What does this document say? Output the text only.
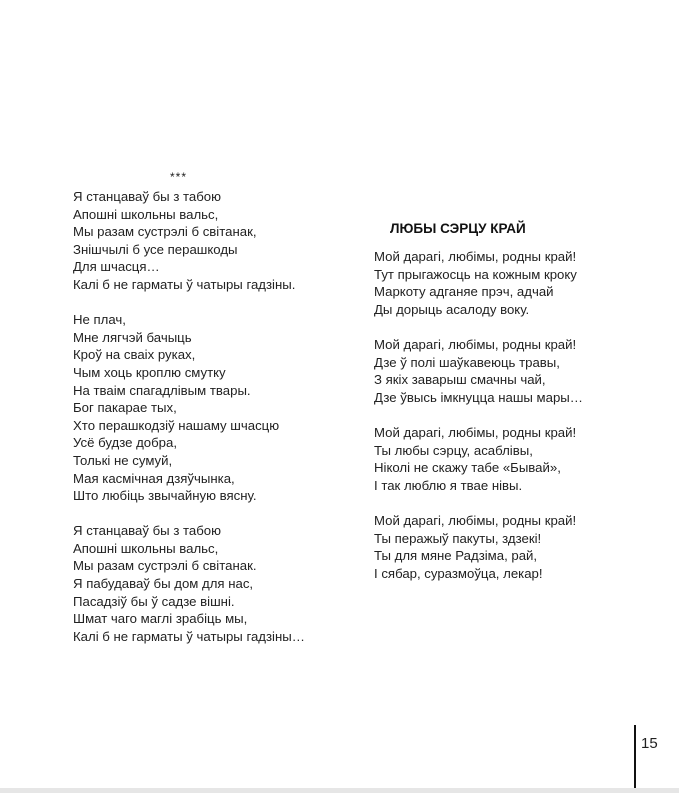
***
Я станцаваў бы з табою
Апошні школьны вальс,
Мы разам сустрэлі б світанак,
Знішчылі б усе перашкоды
Для шчасця…
Калі б не гарматы ў чатыры гадзіны.
Не плач,
Мне лягчэй бачыць
Кроў на сваіх руках,
Чым хоць кроплю смутку
На тваім спагадлівым твары.
Бог пакарае тых,
Хто перашкодзіў нашаму шчасцю
Усё будзе добра,
Толькі не сумуй,
Мая касмічная дзяўчынка,
Што любіць звычайную вясну.
Я станцаваў бы з табою
Апошні школьны вальс,
Мы разам сустрэлі б світанак.
Я пабудаваў бы дом для нас,
Пасадзіў бы ў садзе вішні.
Шмат чаго маглі зрабіць мы,
Калі б не гарматы ў чатыры гадзіны…
ЛЮБЫ СЭРЦУ КРАЙ
Мой дарагі, любімы, родны край!
Тут прыгажосць на кожным кроку
Маркоту адганяе прэч, адчай
Ды дорыць асалоду воку.
Мой дарагі, любімы, родны край!
Дзе ў полі шаўкавеюць травы,
З якіх заварыш смачны чай,
Дзе ўвысь імкнуцца нашы мары…
Мой дарагі, любімы, родны край!
Ты любы сэрцу, асаблівы,
Ніколі не скажу табе «Бывай»,
І так люблю я твае нівы.
Мой дарагі, любімы, родны край!
Ты перажыў пакуты, здзекі!
Ты для мяне Радзіма, рай,
І сябар, суразмоўца, лекар!
15
